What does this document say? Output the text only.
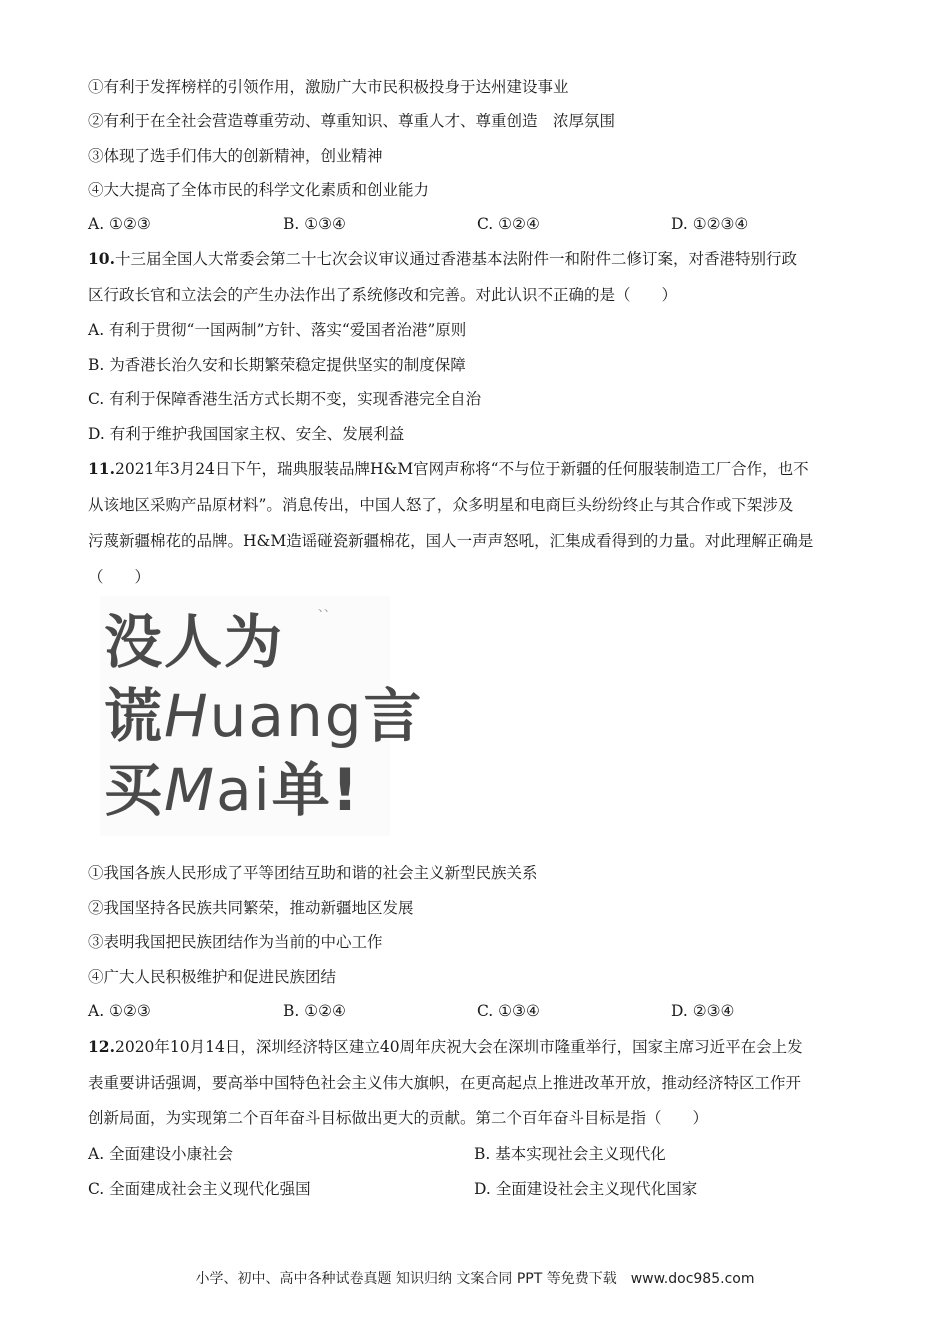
①有利于发挥榜样的引领作用，激励广大市民积极投身于达州建设事业
②有利于在全社会营造尊重劳动、尊重知识、尊重人才、尊重创造　浓厚氛围
③体现了选手们伟大的创新精神，创业精神
④大大提高了全体市民的科学文化素质和创业能力
A. ①②③	B. ①③④	C. ①②④	D. ①②③④
10.十三届全国人大常委会第二十七次会议审议通过香港基本法附件一和附件二修订案，对香港特别行政
区行政长官和立法会的产生办法作出了系统修改和完善。对此认识不正确的是（　　）
A. 有利于贯彻“一国两制”方针、落实“爱国者治港”原则
B. 为香港长治久安和长期繁荣稳定提供坚实的制度保障
C. 有利于保障香港生活方式长期不变，实现香港完全自治
D. 有利于维护我国国家主权、安全、发展利益
11.2021年3月24日下午，瑞典服装品牌H&M官网声称将“不与位于新疆的任何服装制造工厂合作，也不
从该地区采购产品原材料”。消息传出，中国人怒了，众多明星和电商巨头纷纷终止与其合作或下架涉及
污蔑新疆棉花的品牌。H&M造谣碰瓷新疆棉花，国人一声声怒吼，汇集成看得到的力量。对此理解正确是
（　　）
、、
没人为
谎Huang言
买Mai单!
①我国各族人民形成了平等团结互助和谐的社会主义新型民族关系
②我国坚持各民族共同繁荣，推动新疆地区发展
③表明我国把民族团结作为当前的中心工作
④广大人民积极维护和促进民族团结
A. ①②③	B. ①②④	C. ①③④	D. ②③④
12.2020年10月14日，深圳经济特区建立40周年庆祝大会在深圳市隆重举行，国家主席习近平在会上发
表重要讲话强调，要高举中国特色社会主义伟大旗帜，在更高起点上推进改革开放，推动经济特区工作开
创新局面，为实现第二个百年奋斗目标做出更大的贡献。第二个百年奋斗目标是指（　　）
A. 全面建设小康社会	B. 基本实现社会主义现代化
C. 全面建成社会主义现代化强国	D. 全面建设社会主义现代化国家
小学、初中、高中各种试卷真题 知识归纳 文案合同 PPT 等免费下载　www.doc985.com
